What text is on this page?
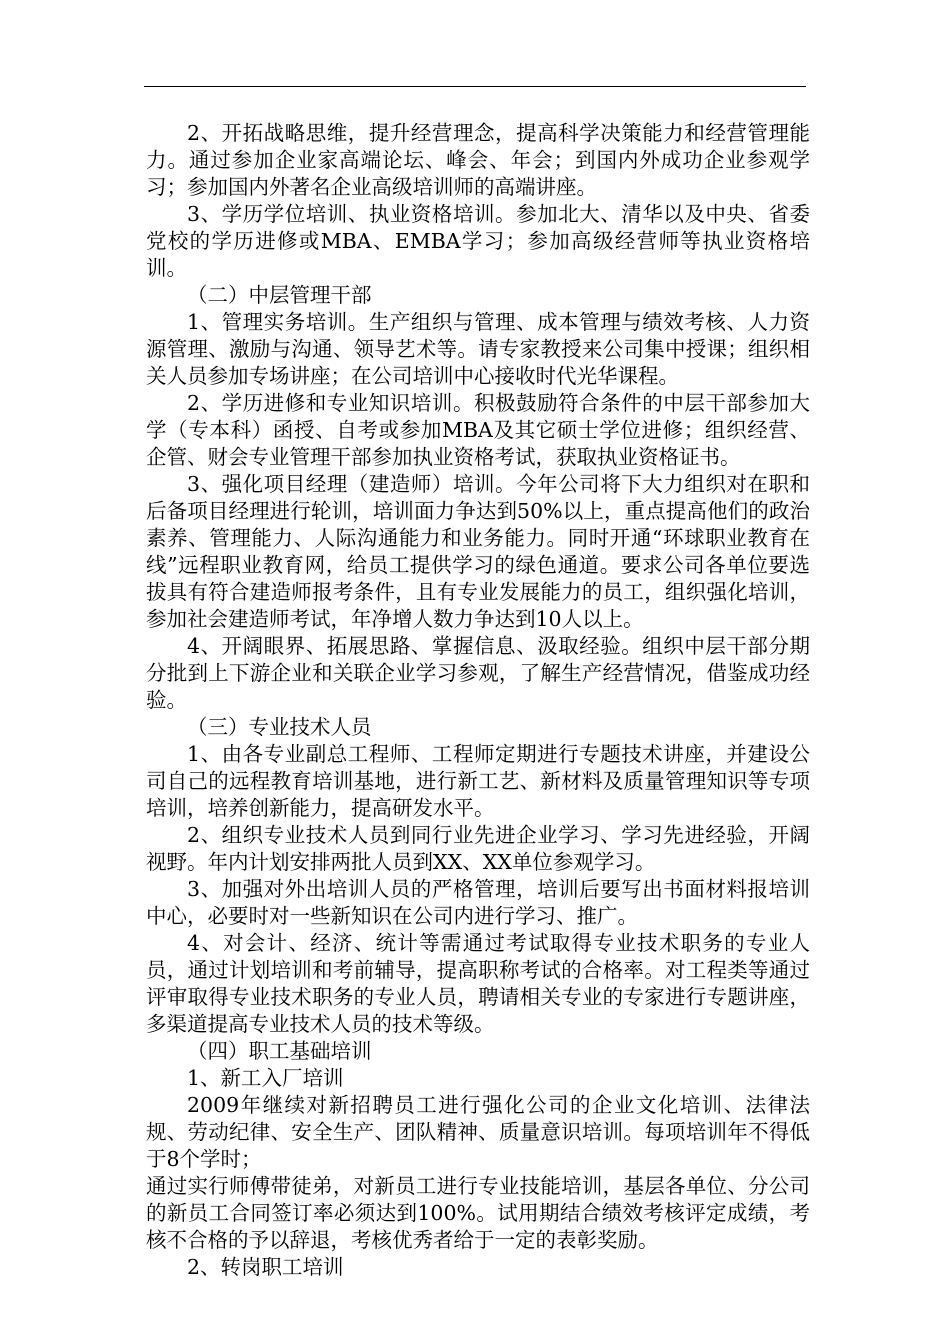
2、开拓战略思维，提升经营理念，提高科学决策能力和经营管理能力。通过参加企业家高端论坛、峰会、年会；到国内外成功企业参观学习；参加国内外著名企业高级培训师的高端讲座。

3、学历学位培训、执业资格培训。参加北大、清华以及中央、省委党校的学历进修或MBA、EMBA学习；参加高级经营师等执业资格培训。

（二）中层管理干部

1、管理实务培训。生产组织与管理、成本管理与绩效考核、人力资源管理、激励与沟通、领导艺术等。请专家教授来公司集中授课；组织相关人员参加专场讲座；在公司培训中心接收时代光华课程。

2、学历进修和专业知识培训。积极鼓励符合条件的中层干部参加大学（专本科）函授、自考或参加MBA及其它硕士学位进修；组织经营、企管、财会专业管理干部参加执业资格考试，获取执业资格证书。

3、强化项目经理（建造师）培训。今年公司将下大力组织对在职和后备项目经理进行轮训，培训面力争达到50%以上，重点提高他们的政治素养、管理能力、人际沟通能力和业务能力。同时开通“环球职业教育在线”远程职业教育网，给员工提供学习的绿色通道。要求公司各单位要选拔具有符合建造师报考条件，且有专业发展能力的员工，组织强化培训，参加社会建造师考试，年净增人数力争达到10人以上。

4、开阔眼界、拓展思路、掌握信息、汲取经验。组织中层干部分期分批到上下游企业和关联企业学习参观，了解生产经营情况，借鉴成功经验。

（三）专业技术人员

1、由各专业副总工程师、工程师定期进行专题技术讲座，并建设公司自己的远程教育培训基地，进行新工艺、新材料及质量管理知识等专项培训，培养创新能力，提高研发水平。

2、组织专业技术人员到同行业先进企业学习、学习先进经验，开阔视野。年内计划安排两批人员到XX、XX单位参观学习。

3、加强对外出培训人员的严格管理，培训后要写出书面材料报培训中心，必要时对一些新知识在公司内进行学习、推广。

4、对会计、经济、统计等需通过考试取得专业技术职务的专业人员，通过计划培训和考前辅导，提高职称考试的合格率。对工程类等通过评审取得专业技术职务的专业人员，聘请相关专业的专家进行专题讲座，多渠道提高专业技术人员的技术等级。

（四）职工基础培训

1、新工入厂培训

2009年继续对新招聘员工进行强化公司的企业文化培训、法律法规、劳动纪律、安全生产、团队精神、质量意识培训。每项培训年不得低于8个学时；

通过实行师傅带徒弟，对新员工进行专业技能培训，基层各单位、分公司的新员工合同签订率必须达到100%。试用期结合绩效考核评定成绩，考核不合格的予以辞退，考核优秀者给于一定的表彰奖励。

2、转岗职工培训
